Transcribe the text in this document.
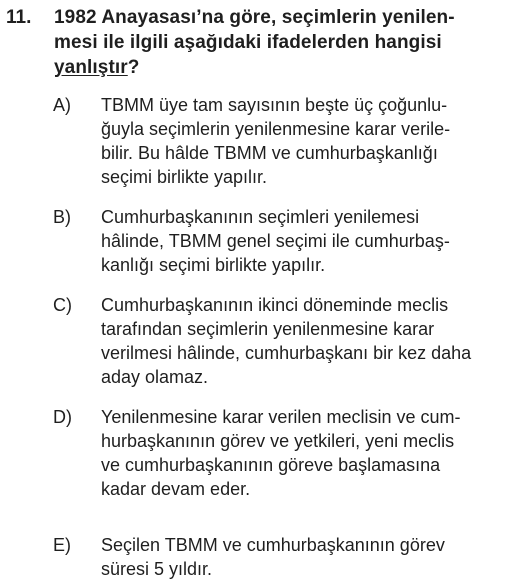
11. 1982 Anayasası’na göre, seçimlerin yenilen-
mesi ile ilgili aşağıdaki ifadelerden hangisi
yanlıştır?
A) TBMM üye tam sayısının beşte üç çoğunlu-
ğuyla seçimlerin yenilenmesine karar verile-
bilir. Bu hâlde TBMM ve cumhurbaşkanlığı
seçimi birlikte yapılır.
B) Cumhurbaşkanının seçimleri yenilemesi
hâlinde, TBMM genel seçimi ile cumhurbaş-
kanlığı seçimi birlikte yapılır.
C) Cumhurbaşkanının ikinci döneminde meclis
tarafından seçimlerin yenilenmesine karar
verilmesi hâlinde, cumhurbaşkanı bir kez daha
aday olamaz.
D) Yenilenmesine karar verilen meclisin ve cum-
hurbaşkanının görev ve yetkileri, yeni meclis
ve cumhurbaşkanının göreve başlamasına
kadar devam eder.
E) Seçilen TBMM ve cumhurbaşkanının görev
süresi 5 yıldır.
